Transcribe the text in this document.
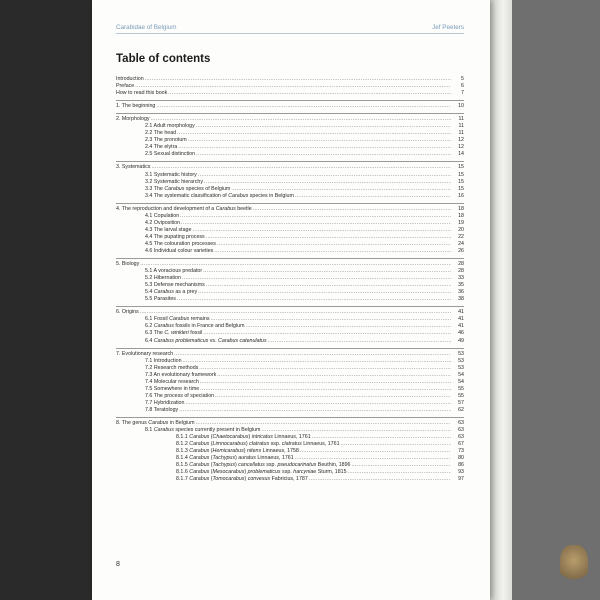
Carabidae of Belgium	Jef Peeters
Table of contents
Introduction .....	5
Preface .....	6
How to read this book .....	7
1. The beginning .....	10
2. Morphology .....	11
2.1 Adult morphology .....	11
2.2 The head .....	11
2.3 The pronotum .....	12
2.4 The elytra .....	12
2.5 Sexual distinction .....	14
3. Systematics .....	15
3.1 Systematic history .....	15
3.2 Systematic hierarchy .....	15
3.3 The Carabus species of Belgium .....	15
3.4 The systematic classification of Carabus species in Belgium .....	16
4. The reproduction and development of a Carabus beetle .....	18
4.1 Copulation .....	18
4.2 Oviposition .....	19
4.3 The larval stage .....	20
4.4 The pupating process .....	22
4.5 The colouration processes .....	24
4.6 Individual colour varieties .....	26
5. Biology .....	28
5.1 A voracious predator .....	28
5.2 Hibernation .....	33
5.3 Defense mechanisms .....	35
5.4 Carabus as a prey .....	36
5.5 Parasites .....	38
6. Origins .....	41
6.1 Fossil Carabus remains .....	41
6.2 Carabus fossils in France and Belgium .....	41
6.3 The C. winkleri fossil .....	46
6.4 Carabus problematicus vs. Carabus catenulatus .....	49
7. Evolutionary research .....	53
7.1 Introduction .....	53
7.2 Research methods .....	53
7.3 An evolutionary framework .....	54
7.4 Molecular research .....	54
7.5 Somewhere in time .....	55
7.6 The process of speciation .....	55
7.7 Hybridization .....	57
7.8 Teratology .....	62
8. The genus Carabus in Belgium .....	63
8.1 Carabus species currently present in Belgium .....	63
8.1.1 Carabus (Chaetocarabus) intricatus Linnaeus, 1761 .....	63
8.1.2 Carabus (Limnocarabus) clatratus ssp. clatratus Linnaeus, 1761 .....	67
8.1.3 Carabus (Hemicarabus) nitens Linnaeus, 1758 .....	73
8.1.4 Carabus (Tachypus) auratus Linnaeus, 1761 .....	80
8.1.5 Carabus (Tachypus) cancellatus ssp. pseudocarinatus Beuthin, 1896 .....	86
8.1.6 Carabus (Mesocarabus) problematicus ssp. harcyniae Sturm, 1815 .....	93
8.1.7 Carabus (Tomocarabus) convexus Fabricius, 1787 .....	97
8
